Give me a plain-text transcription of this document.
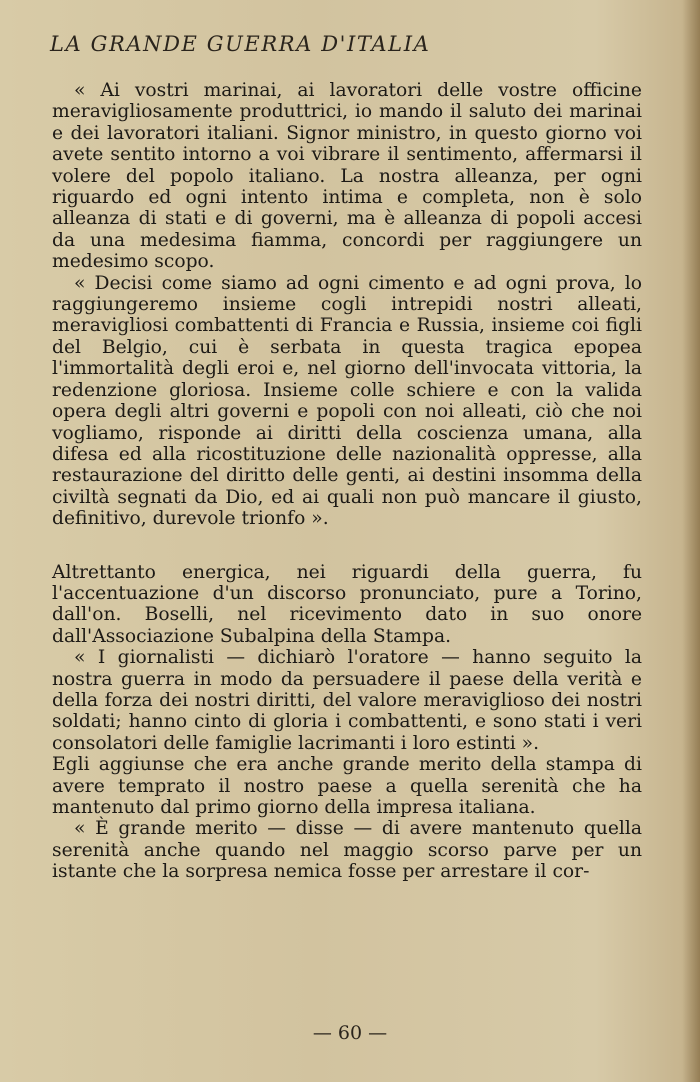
LA GRANDE GUERRA D'ITALIA

« Ai vostri marinai, ai lavoratori delle vostre officine meravigliosamente produttrici, io mando il saluto dei marinai e dei lavoratori italiani. Signor ministro, in questo giorno voi avete sentito intorno a voi vibrare il sentimento, affermarsi il volere del popolo italiano. La nostra alleanza, per ogni riguardo ed ogni intento intima e completa, non è solo alleanza di stati e di governi, ma è alleanza di popoli accesi da una medesima fiamma, concordi per raggiungere un medesimo scopo.

« Decisi come siamo ad ogni cimento e ad ogni prova, lo raggiungeremo insieme cogli intrepidi nostri alleati, meravigliosi combattenti di Francia e Russia, insieme coi figli del Belgio, cui è serbata in questa tragica epopea l'immortalità degli eroi e, nel giorno dell'invocata vittoria, la redenzione gloriosa. Insieme colle schiere e con la valida opera degli altri governi e popoli con noi alleati, ciò che noi vogliamo, risponde ai diritti della coscienza umana, alla difesa ed alla ricostituzione delle nazionalità oppresse, alla restaurazione del diritto delle genti, ai destini insomma della civiltà segnati da Dio, ed ai quali non può mancare il giusto, definitivo, durevole trionfo ».

Altrettanto energica, nei riguardi della guerra, fu l'accentuazione d'un discorso pronunciato, pure a Torino, dall'on. Boselli, nel ricevimento dato in suo onore dall'Associazione Subalpina della Stampa.

« I giornalisti — dichiarò l'oratore — hanno seguito la nostra guerra in modo da persuadere il paese della verità e della forza dei nostri diritti, del valore meraviglioso dei nostri soldati; hanno cinto di gloria i combattenti, e sono stati i veri consolatori delle famiglie lacrimanti i loro estinti ».

Egli aggiunse che era anche grande merito della stampa di avere temprato il nostro paese a quella serenità che ha mantenuto dal primo giorno della impresa italiana.

« È grande merito — disse — di avere mantenuto quella serenità anche quando nel maggio scorso parve per un istante che la sorpresa nemica fosse per arrestare il cor-

— 60 —
